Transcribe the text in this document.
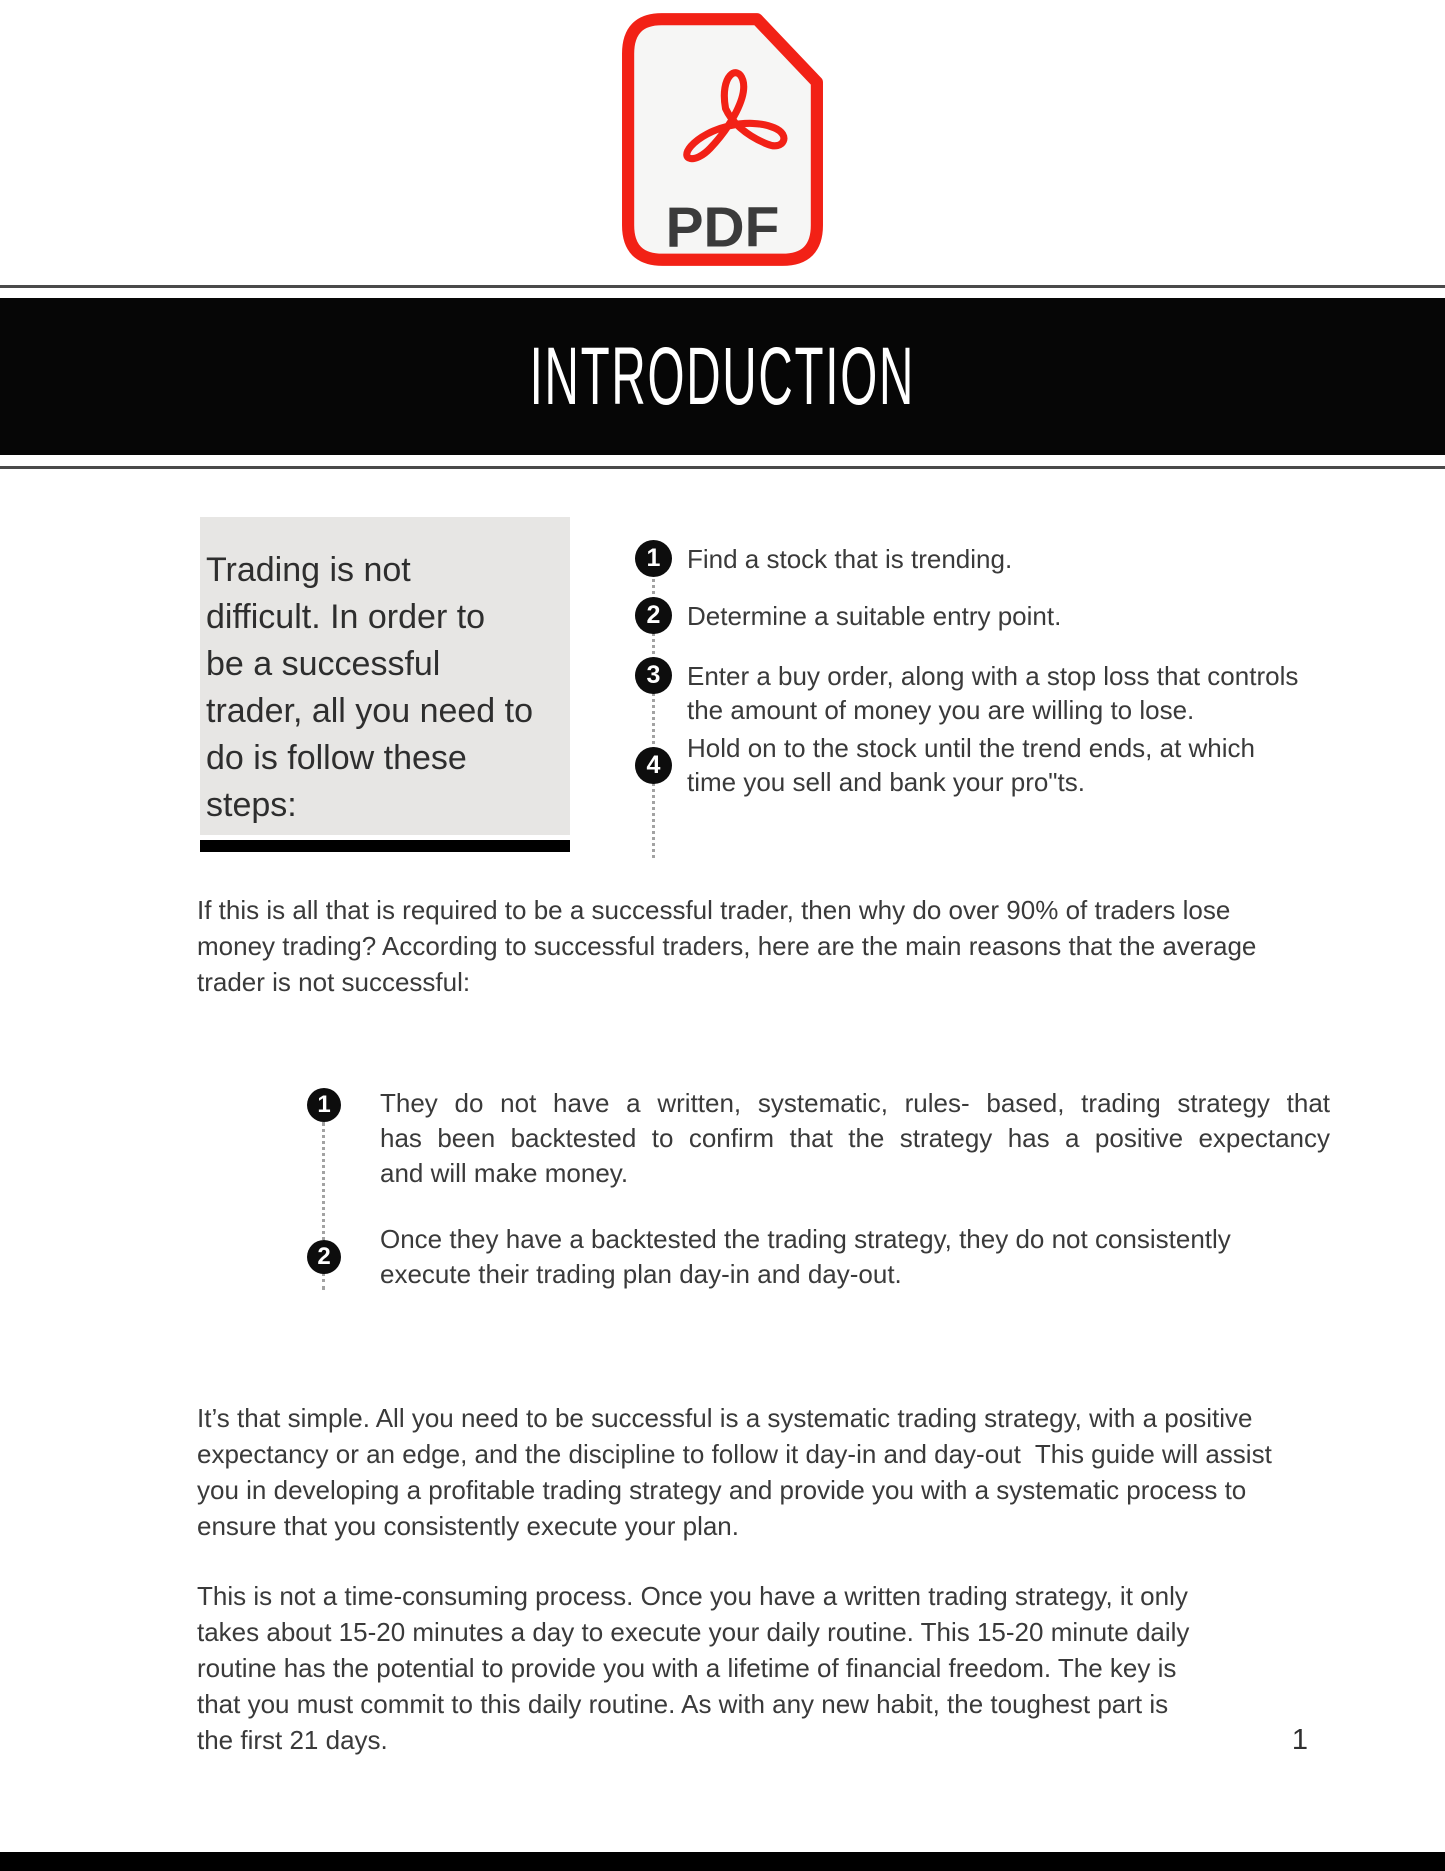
PDF
INTRODUCTION
Trading is not
difficult. In order to
be a successful
trader, all you need to
do is follow these
steps:
1	Find a stock that is trending.
2	Determine a suitable entry point.
3	Enter a buy order, along with a stop loss that controls
the amount of money you are willing to lose.
4
Hold on to the stock until the trend ends, at which
time you sell and bank your pro"ts.
If this is all that is required to be a successful trader, then why do over 90% of traders lose
money trading? According to successful traders, here are the main reasons that the average
trader is not successful:
1	They do not have a written, systematic, rules- based, trading strategy that
has been backtested to confirm that the strategy has a positive expectancy
and will make money.
2
Once they have a backtested the trading strategy, they do not consistently
execute their trading plan day-in and day-out.
It’s that simple. All you need to be successful is a systematic trading strategy, with a positive
expectancy or an edge, and the discipline to follow it day-in and day-out  This guide will assist
you in developing a profitable trading strategy and provide you with a systematic process to
ensure that you consistently execute your plan.
This is not a time-consuming process. Once you have a written trading strategy, it only
takes about 15-20 minutes a day to execute your daily routine. This 15-20 minute daily
routine has the potential to provide you with a lifetime of financial freedom. The key is
that you must commit to this daily routine. As with any new habit, the toughest part is
the first 21 days.	1
